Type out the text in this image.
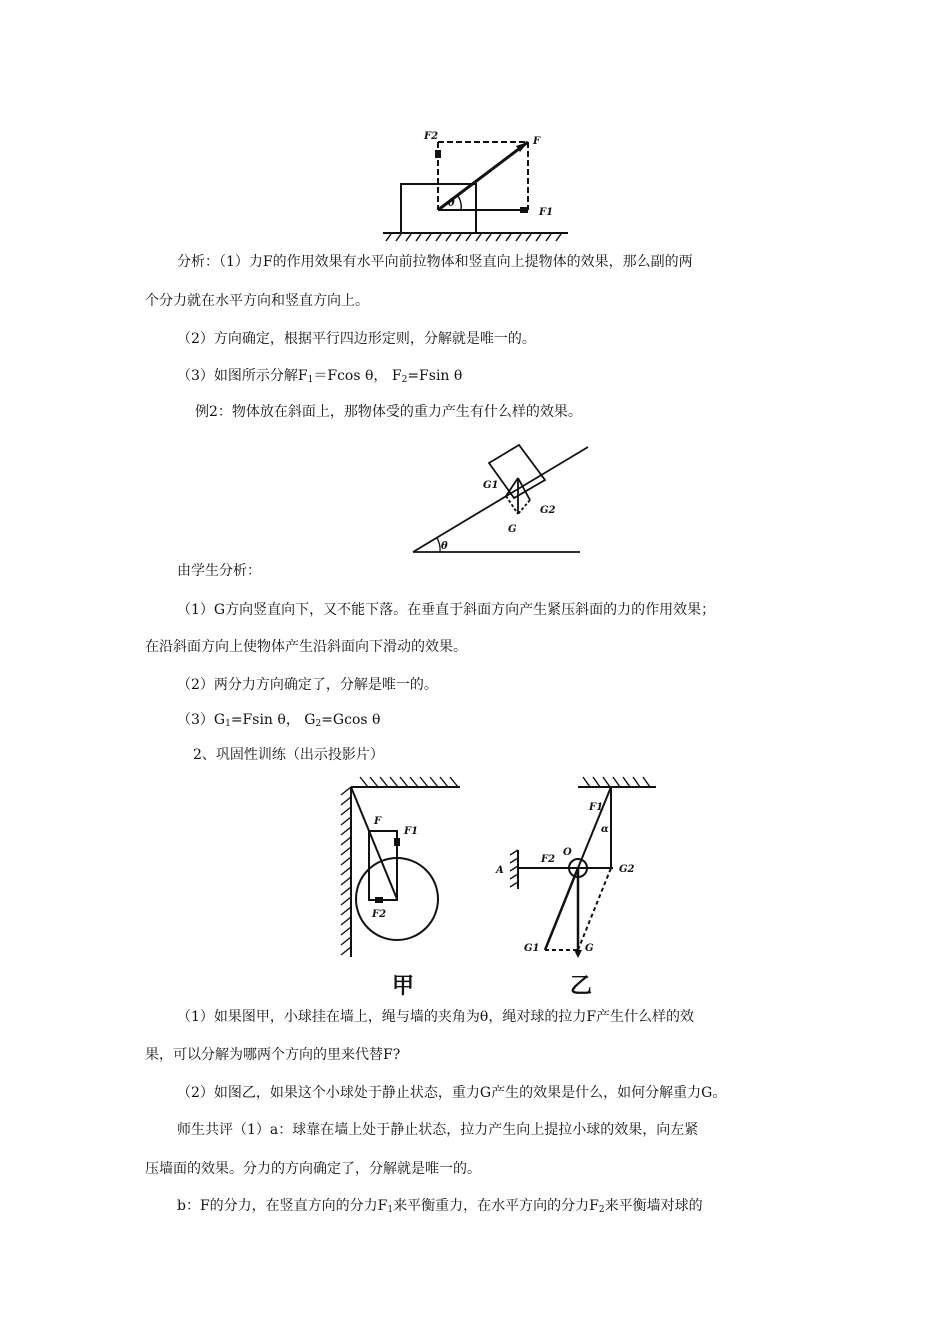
F2	F
F1
θ
分析：（1）力F的作用效果有水平向前拉物体和竖直向上提物体的效果，那么副的两
个分力就在水平方向和竖直方向上。
（2）方向确定，根据平行四边形定则，分解就是唯一的。
（3）如图所示分解$F_1=Fcos$ θ， $F_2=Fsin$ θ
例2：物体放在斜面上，那物体受的重力产生有什么样的效果。
G1
G2
G
θ
由学生分析：
（1）G方向竖直向下，又不能下落。在垂直于斜面方向产生紧压斜面的力的作用效果；
在沿斜面方向上使物体产生沿斜面向下滑动的效果。
（2）两分力方向确定了，分解是唯一的。
$(3)G_1=Fsin$ θ， $G_2=Gcos$ θ
2、巩固性训练（出示投影片）
F
F1
F2
甲
F1
α
O
F2
G2
A
G1	G
乙
（1）如果图甲，小球挂在墙上，绳与墙的夹角为θ，绳对球的拉力F产生什么样的效
果，可以分解为哪两个方向的里来代替F?
（2）如图乙，如果这个小球处于静止状态，重力G产生的效果是什么，如何分解重力G。
师生共评（1）a：球靠在墙上处于静止状态，拉力产生向上提拉小球的效果，向左紧
压墙面的效果。分力的方向确定了，分解就是唯一的。
b：F的分力，在竖直方向的分力$F_1$来平衡重力，在水平方向的分力$F_2$来平衡墙对球的
